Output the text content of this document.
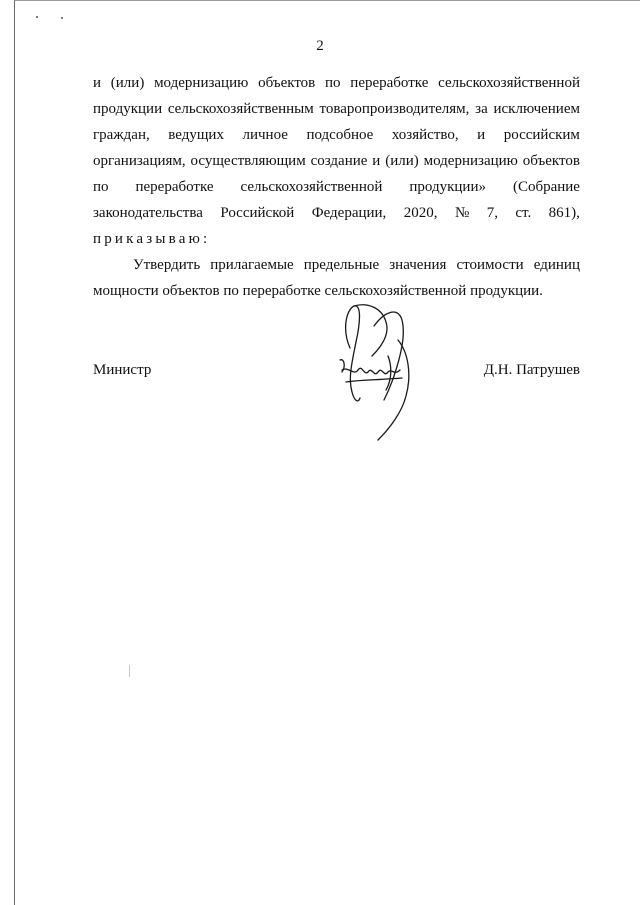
2
и (или) модернизацию объектов по переработке сельскохозяйственной
продукции сельскохозяйственным товаропроизводителям, за исключением
граждан, ведущих личное подсобное хозяйство, и российским
организациям, осуществляющим создание и (или) модернизацию объектов
по переработке сельскохозяйственной продукции» (Собрание
законодательства Российской Федерации, 2020, № 7, ст. 861),
приказываю:
Утвердить прилагаемые предельные значения стоимости единиц
мощности объектов по переработке сельскохозяйственной продукции.
Министр	Д.Н. Патрушев
